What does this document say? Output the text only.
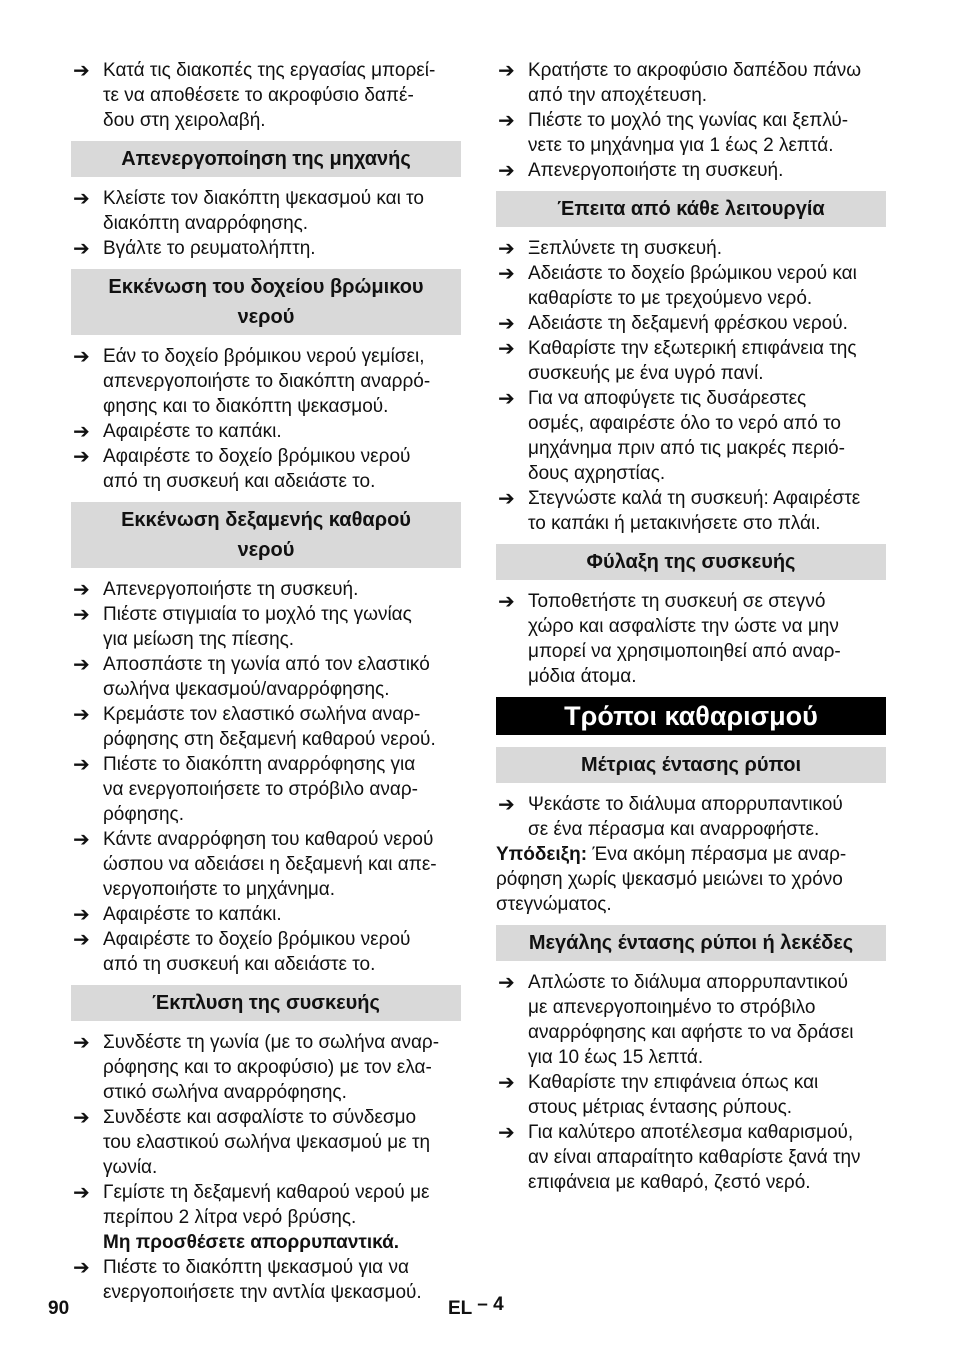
➔ Κατά τις διακοπές της εργασίας μπορεί-
τε να αποθέσετε το ακροφύσιο δαπέ-
δου στη χειρολαβή.
Απενεργοποίηση της μηχανής
➔ Κλείστε τον διακόπτη ψεκασμού και το
διακόπτη αναρρόφησης.
➔ Βγάλτε το ρευματολήπτη.
Εκκένωση του δοχείου βρώμικου
νερού
➔ Εάν το δοχείο βρόμικου νερού γεμίσει,
απενεργοποιήστε το διακόπτη αναρρό-
φησης και το διακόπτη ψεκασμού.
➔ Αφαιρέστε το καπάκι.
➔ Αφαιρέστε το δοχείο βρόμικου νερού
από τη συσκευή και αδειάστε το.
Εκκένωση δεξαμενής καθαρού
νερού
➔ Απενεργοποιήστε τη συσκευή.
➔ Πιέστε στιγμιαία το μοχλό της γωνίας
για μείωση της πίεσης.
➔ Αποσπάστε τη γωνία από τον ελαστικό
σωλήνα ψεκασμού/αναρρόφησης.
➔ Κρεμάστε τον ελαστικό σωλήνα αναρ-
ρόφησης στη δεξαμενή καθαρού νερού.
➔ Πιέστε το διακόπτη αναρρόφησης για
να ενεργοποιήσετε το στρόβιλο αναρ-
ρόφησης.
➔ Κάντε αναρρόφηση του καθαρού νερού
ώσπου να αδειάσει η δεξαμενή και απε-
νεργοποιήστε το μηχάνημα.
➔ Αφαιρέστε το καπάκι.
➔ Αφαιρέστε το δοχείο βρόμικου νερού
από τη συσκευή και αδειάστε το.
Έκπλυση της συσκευής
➔ Συνδέστε τη γωνία (με το σωλήνα αναρ-
ρόφησης και το ακροφύσιο) με τον ελα-
στικό σωλήνα αναρρόφησης.
➔ Συνδέστε και ασφαλίστε το σύνδεσμο
του ελαστικού σωλήνα ψεκασμού με τη
γωνία.
➔ Γεμίστε τη δεξαμενή καθαρού νερού με
περίπου 2 λίτρα νερό βρύσης.
Μη προσθέσετε απορρυπαντικά.
➔ Πιέστε το διακόπτη ψεκασμού για να
ενεργοποιήσετε την αντλία ψεκασμού.
➔ Κρατήστε το ακροφύσιο δαπέδου πάνω
από την αποχέτευση.
➔ Πιέστε το μοχλό της γωνίας και ξεπλύ-
νετε το μηχάνημα για 1 έως 2 λεπτά.
➔ Απενεργοποιήστε τη συσκευή.
Έπειτα από κάθε λειτουργία
➔ Ξεπλύνετε τη συσκευή.
➔ Αδειάστε το δοχείο βρώμικου νερού και
καθαρίστε το με τρεχούμενο νερό.
➔ Αδειάστε τη δεξαμενή φρέσκου νερού.
➔ Καθαρίστε την εξωτερική επιφάνεια της
συσκευής με ένα υγρό πανί.
➔ Για να αποφύγετε τις δυσάρεστες
οσμές, αφαιρέστε όλο το νερό από το
μηχάνημα πριν από τις μακρές περιό-
δους αχρηστίας.
➔ Στεγνώστε καλά τη συσκευή: Αφαιρέστε
το καπάκι ή μετακινήσετε στο πλάι.
Φύλαξη της συσκευής
➔ Τοποθετήστε τη συσκευή σε στεγνό
χώρο και ασφαλίστε την ώστε να μην
μπορεί να χρησιμοποιηθεί από αναρ-
μόδια άτομα.
Τρόποι καθαρισμού
Μέτριας έντασης ρύποι
➔ Ψεκάστε το διάλυμα απορρυπαντικού
σε ένα πέρασμα και αναρροφήστε.
Υπόδειξη: Ένα ακόμη πέρασμα με αναρ-
ρόφηση χωρίς ψεκασμό μειώνει το χρόνο
στεγνώματος.
Μεγάλης έντασης ρύποι ή λεκέδες
➔ Απλώστε το διάλυμα απορρυπαντικού
με απενεργοποιημένο το στρόβιλο
αναρρόφησης και αφήστε το να δράσει
για 10 έως 15 λεπτά.
➔ Καθαρίστε την επιφάνεια όπως και
στους μέτριας έντασης ρύπους.
➔ Για καλύτερο αποτέλεσμα καθαρισμού,
αν είναι απαραίτητο καθαρίστε ξανά την
επιφάνεια με καθαρό, ζεστό νερό.
90	EL – 4
